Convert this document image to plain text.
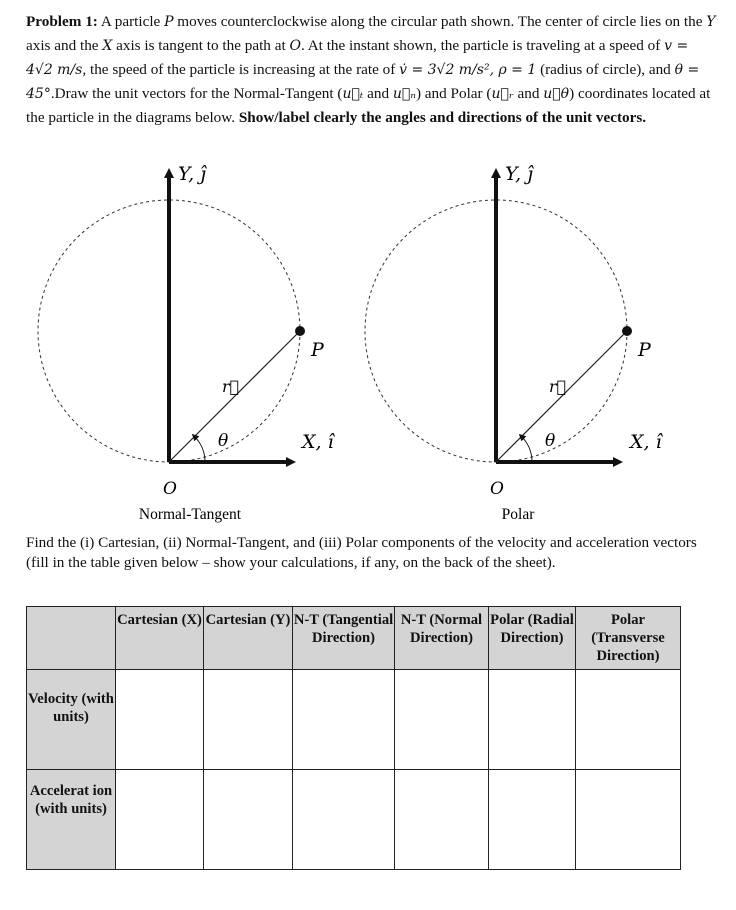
Problem 1: A particle P moves counterclockwise along the circular path shown. The center of circle lies on the Y axis and the X axis is tangent to the path at O. At the instant shown, the particle is traveling at a speed of v = 4√2 m/s, the speed of the particle is increasing at the rate of v̇ = 3√2 m/s², ρ = 1 (radius of circle), and θ = 45°.Draw the unit vectors for the Normal-Tangent (u⃗ₜ and u⃗ₙ) and Polar (u⃗ᵣ and u⃗θ) coordinates located at the particle in the diagrams below. Show/label clearly the angles and directions of the unit vectors.

Y, ĵ
X, î
P
r⃗
θ
O
Normal-Tangent
Y, ĵ
X, î
P
r⃗
θ
O
Polar

Find the (i) Cartesian, (ii) Normal-Tangent, and (iii) Polar components of the velocity and acceleration vectors (fill in the table given below – show your calculations, if any, on the back of the sheet).

	Cartesian (X)	Cartesian (Y)	N-T (Tangential Direction)	N-T (Normal Direction)	Polar (Radial Direction)	Polar (Transverse Direction)

Velocity (with units)						

Accelerat ion (with units)						
